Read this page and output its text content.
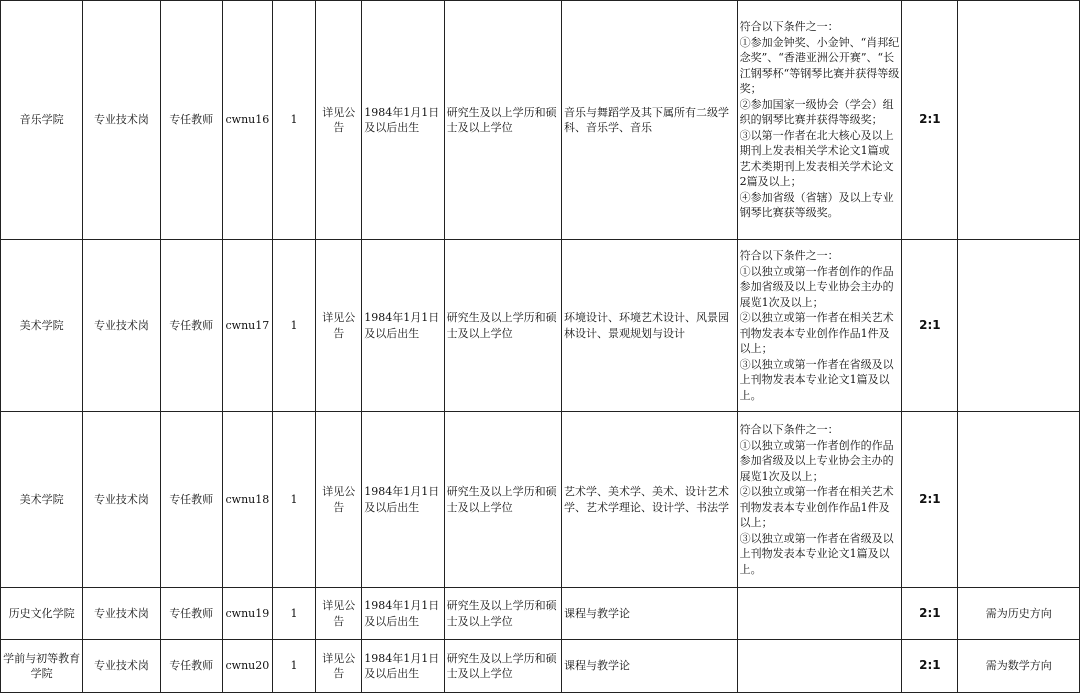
音乐学院	专业技术岗	专任教师	cwnu16	1	详见公告	1984年1月1日及以后出生	研究生及以上学历和硕士及以上学位	音乐与舞蹈学及其下属所有二级学科、音乐学、音乐	符合以下条件之一：
①参加金钟奖、小金钟、“肖邦纪念奖”、“香港亚洲公开赛”、“长江钢琴杯“等钢琴比赛并获得等级奖；
②参加国家一级协会（学会）组织的钢琴比赛并获得等级奖；
③以第一作者在北大核心及以上期刊上发表相关学术论文1篇或艺术类期刊上发表相关学术论文2篇及以上；
④参加省级（省辖）及以上专业钢琴比赛获等级奖。	2:1	
美术学院	专业技术岗	专任教师	cwnu17	1	详见公告	1984年1月1日及以后出生	研究生及以上学历和硕士及以上学位	环境设计、环境艺术设计、风景园林设计、景观规划与设计	符合以下条件之一：
①以独立或第一作者创作的作品参加省级及以上专业协会主办的展览1次及以上；
②以独立或第一作者在相关艺术刊物发表本专业创作作品1件及以上；
③以独立或第一作者在省级及以上刊物发表本专业论文1篇及以上。	2:1	
美术学院	专业技术岗	专任教师	cwnu18	1	详见公告	1984年1月1日及以后出生	研究生及以上学历和硕士及以上学位	艺术学、美术学、美术、设计艺术学、艺术学理论、设计学、书法学	符合以下条件之一：
①以独立或第一作者创作的作品参加省级及以上专业协会主办的展览1次及以上；
②以独立或第一作者在相关艺术刊物发表本专业创作作品1件及以上；
③以独立或第一作者在省级及以上刊物发表本专业论文1篇及以上。	2:1	
历史文化学院	专业技术岗	专任教师	cwnu19	1	详见公告	1984年1月1日及以后出生	研究生及以上学历和硕士及以上学位	课程与教学论		2:1	需为历史方向
学前与初等教育学院	专业技术岗	专任教师	cwnu20	1	详见公告	1984年1月1日及以后出生	研究生及以上学历和硕士及以上学位	课程与教学论		2:1	需为数学方向
